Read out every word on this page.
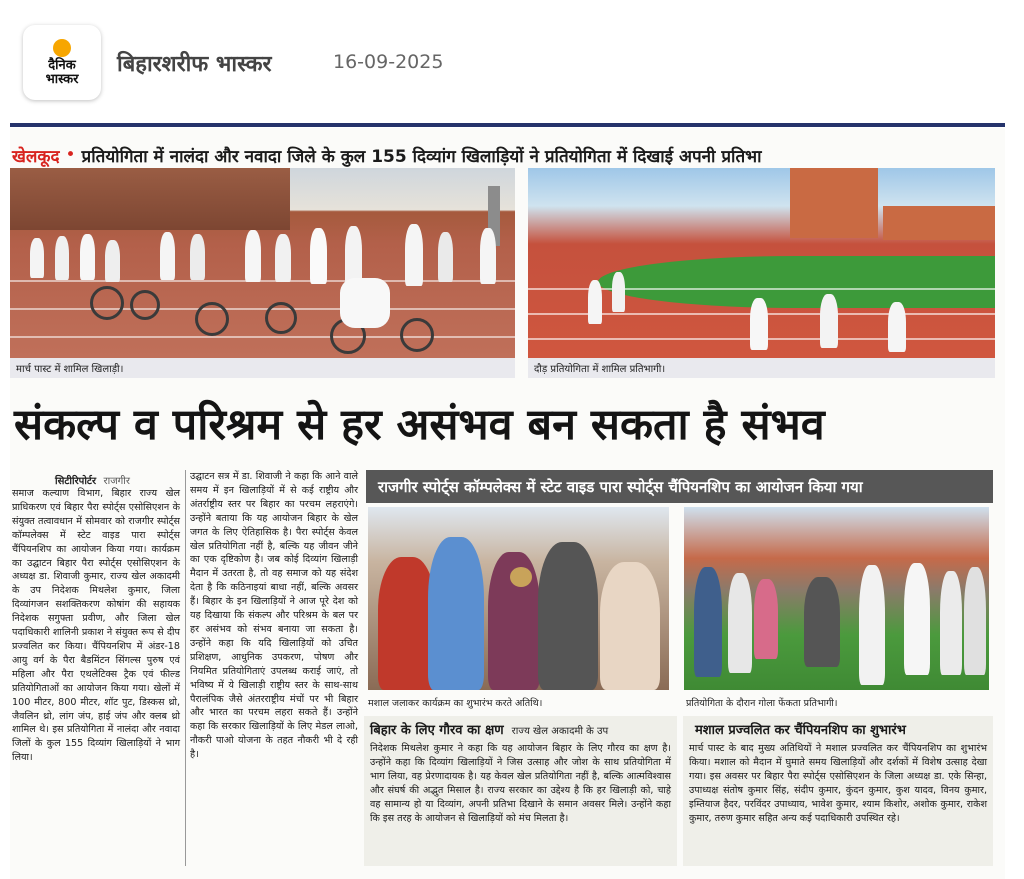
दैनिक
भास्कर
बिहारशरीफ भास्कर	16-09-2025
खेलकूद • प्रतियोगिता में नालंदा और नवादा जिले के कुल 155 दिव्यांग खिलाड़ियों ने प्रतियोगिता में दिखाई अपनी प्रतिभा
मार्च पास्ट में शामिल खिलाड़ी।	दौड़ प्रतियोगिता में शामिल प्रतिभागी।
संकल्प व परिश्रम से हर असंभव बन सकता है संभव
सिटीरिपोर्टर राजगीर
समाज कल्याण विभाग, बिहार राज्य खेल प्राधिकरण एवं बिहार पैरा स्पोर्ट्स एसोसिएशन के संयुक्त तत्वावधान में सोमवार को राजगीर स्पोर्ट्स कॉम्पलेक्स में स्टेट वाइड पारा स्पोर्ट्स चैंपियनशिप का आयोजन किया गया। कार्यक्रम का उद्घाटन बिहार पैरा स्पोर्ट्स एसोसिएशन के अध्यक्ष डा. शिवाजी कुमार, राज्य खेल अकादमी के उप निदेशक मिथलेश कुमार, जिला दिव्यांगजन सशक्तिकरण कोषांग की सहायक निदेशक सगुफ्ता प्रवीण, और जिला खेल पदाधिकारी शालिनी प्रकाश ने संयुक्त रूप से दीप प्रज्वलित कर किया। चैंपियनशिप में अंडर-18 आयु वर्ग के पैरा बैडमिंटन सिंगल्स पुरुष एवं महिला और पैरा एथलेटिक्स ट्रैक एवं फील्ड प्रतियोगिताओं का आयोजन किया गया। खेलों में 100 मीटर, 800 मीटर, शॉट पुट, डिस्कस थ्रो, जैवलिन थ्रो, लांग जंप, हाई जंप और क्लब थ्रो शामिल थे। इस प्रतियोगिता में नालंदा और नवादा जिलों के कुल 155 दिव्यांग खिलाड़ियों ने भाग लिया।
उद्घाटन सत्र में डा. शिवाजी ने कहा कि आने वाले समय में इन खिलाड़ियों में से कई राष्ट्रीय और अंतर्राष्ट्रीय स्तर पर बिहार का परचम लहराएंगे। उन्होंने बताया कि यह आयोजन बिहार के खेल जगत के लिए ऐतिहासिक है। पैरा स्पोर्ट्स केवल खेल प्रतियोगिता नहीं है, बल्कि यह जीवन जीने का एक दृष्टिकोण है। जब कोई दिव्यांग खिलाड़ी मैदान में उतरता है, तो वह समाज को यह संदेश देता है कि कठिनाइयां बाधा नहीं, बल्कि अवसर हैं। बिहार के इन खिलाड़ियों ने आज पूरे देश को यह दिखाया कि संकल्प और परिश्रम के बल पर हर असंभव को संभव बनाया जा सकता है। उन्होंने कहा कि यदि खिलाड़ियों को उचित प्रशिक्षण, आधुनिक उपकरण, पोषण और नियमित प्रतियोगिताएं उपलब्ध कराई जाएं, तो भविष्य में ये खिलाड़ी राष्ट्रीय स्तर के साथ-साथ पैरालंपिक जैसे अंतरराष्ट्रीय मंचों पर भी बिहार और भारत का परचम लहरा सकते हैं। उन्होंने कहा कि सरकार खिलाड़ियों के लिए मेडल लाओ, नौकरी पाओ योजना के तहत नौकरी भी दे रही है।
राजगीर स्पोर्ट्स कॉम्पलेक्स में स्टेट वाइड पारा स्पोर्ट्स चैंपियनशिप का आयोजन किया गया
मशाल जलाकर कार्यक्रम का शुभारंभ करते अतिथि।	प्रतियोगिता के दौरान गोला फेंकता प्रतिभागी।
बिहार के लिए गौरव का क्षण राज्य खेल अकादमी के उप
निदेशक मिथलेश कुमार ने कहा कि यह आयोजन बिहार के लिए गौरव का क्षण है। उन्होंने कहा कि दिव्यांग खिलाड़ियों ने जिस उत्साह और जोश के साथ प्रतियोगिता में भाग लिया, वह प्रेरणादायक है। यह केवल खेल प्रतियोगिता नहीं है, बल्कि आत्मविश्वास और संघर्ष की अद्भुत मिसाल है। राज्य सरकार का उद्देश्य है कि हर खिलाड़ी को, चाहे वह सामान्य हो या दिव्यांग, अपनी प्रतिभा दिखाने के समान अवसर मिले। उन्होंने कहा कि इस तरह के आयोजन से खिलाड़ियों को मंच मिलता है।
मशाल प्रज्वलित कर चैंपियनशिप का शुभारंभ
मार्च पास्ट के बाद मुख्य अतिथियों ने मशाल प्रज्वलित कर चैंपियनशिप का शुभारंभ किया। मशाल को मैदान में घुमाते समय खिलाड़ियों और दर्शकों में विशेष उत्साह देखा गया। इस अवसर पर बिहार पैरा स्पोर्ट्स एसोसिएशन के जिला अध्यक्ष डा. एके सिन्हा, उपाध्यक्ष संतोष कुमार सिंह, संदीप कुमार, कुंदन कुमार, कुश यादव, विनय कुमार, इम्तियाज हैदर, परविंदर उपाध्याय, भावेश कुमार, श्याम किशोर, अशोक कुमार, राकेश कुमार, तरुण कुमार सहित अन्य कई पदाधिकारी उपस्थित रहे।
